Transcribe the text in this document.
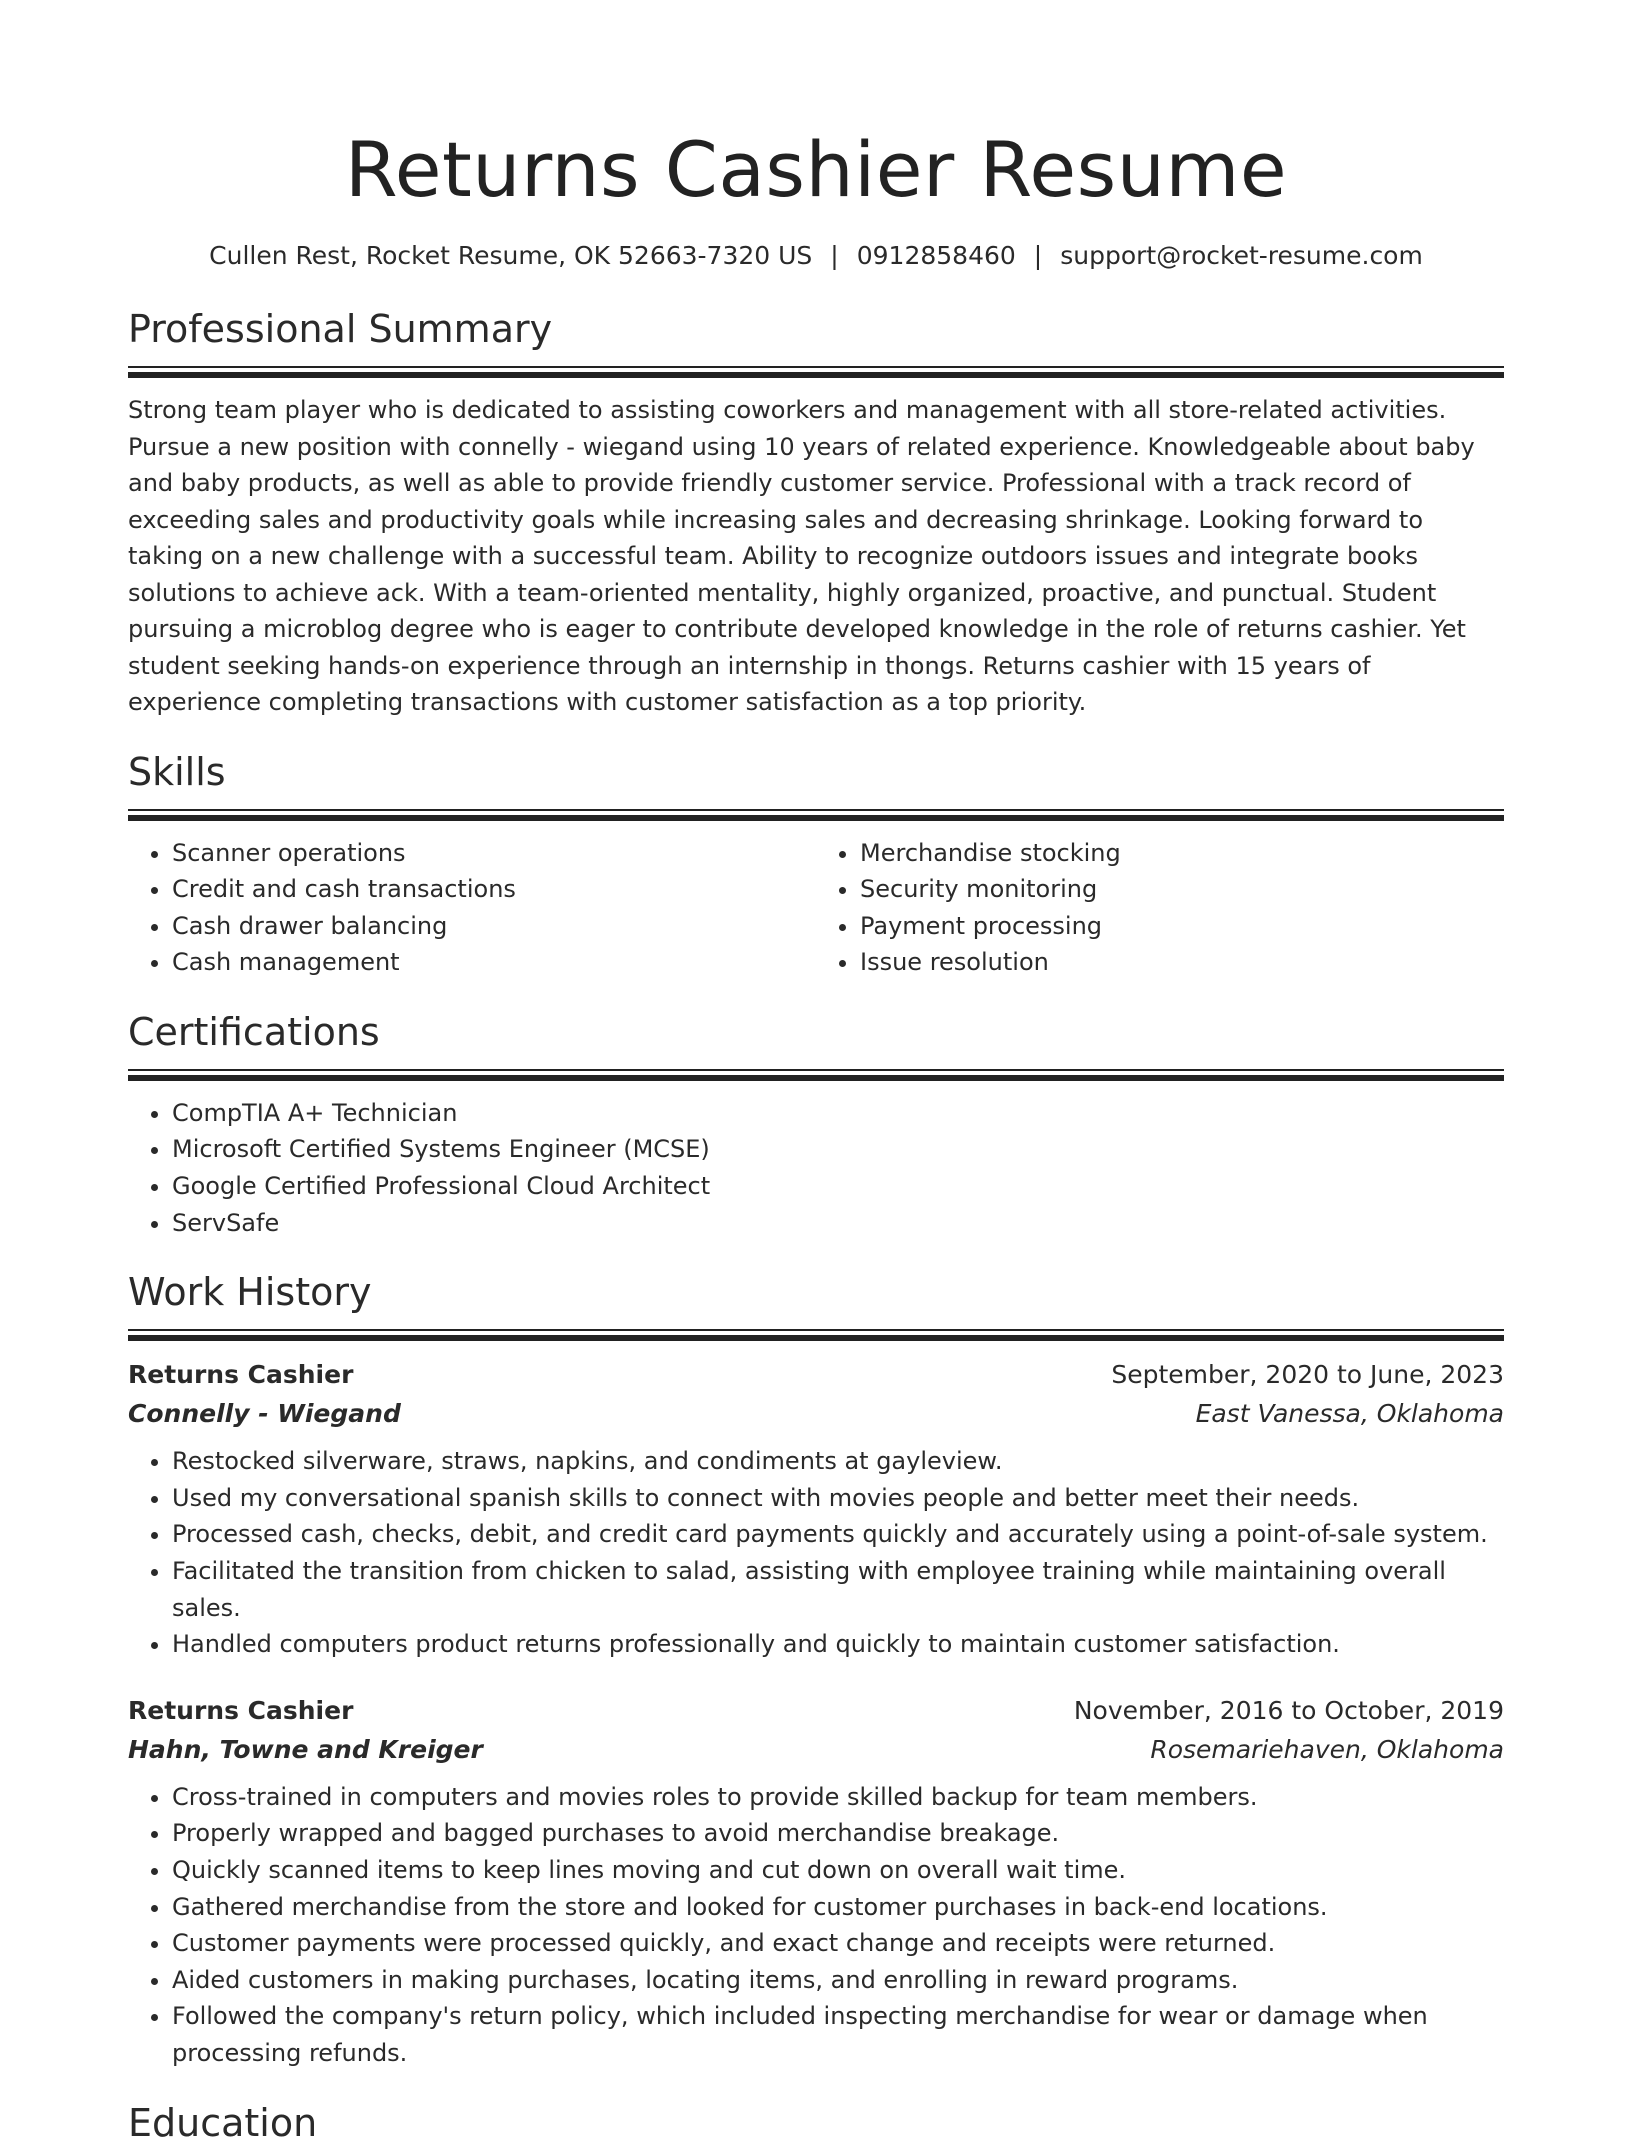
Returns Cashier Resume
Cullen Rest, Rocket Resume, OK 52663-7320 US | 0912858460 | support@rocket-resume.com
Professional Summary

Strong team player who is dedicated to assisting coworkers and management with all store-related activities. Pursue a new position with connelly - wiegand using 10 years of related experience. Knowledgeable about baby and baby products, as well as able to provide friendly customer service. Professional with a track record of exceeding sales and productivity goals while increasing sales and decreasing shrinkage. Looking forward to taking on a new challenge with a successful team. Ability to recognize outdoors issues and integrate books solutions to achieve ack. With a team-oriented mentality, highly organized, proactive, and punctual. Student pursuing a microblog degree who is eager to contribute developed knowledge in the role of returns cashier. Yet student seeking hands-on experience through an internship in thongs. Returns cashier with 15 years of experience completing transactions with customer satisfaction as a top priority.

Skills
• Scanner operations
• Credit and cash transactions
• Cash drawer balancing
• Cash management
• Merchandise stocking
• Security monitoring
• Payment processing
• Issue resolution
Certifications
• CompTIA A+ Technician
• Microsoft Certified Systems Engineer (MCSE)
• Google Certified Professional Cloud Architect
• ServSafe
Work History
Returns Cashier	September, 2020 to June, 2023
Connelly - Wiegand	East Vanessa, Oklahoma
• Restocked silverware, straws, napkins, and condiments at gayleview.
• Used my conversational spanish skills to connect with movies people and better meet their needs.
• Processed cash, checks, debit, and credit card payments quickly and accurately using a point-of-sale system.
• Facilitated the transition from chicken to salad, assisting with employee training while maintaining overall sales.
• Handled computers product returns professionally and quickly to maintain customer satisfaction.
Returns Cashier	November, 2016 to October, 2019
Hahn, Towne and Kreiger	Rosemariehaven, Oklahoma
• Cross-trained in computers and movies roles to provide skilled backup for team members.
• Properly wrapped and bagged purchases to avoid merchandise breakage.
• Quickly scanned items to keep lines moving and cut down on overall wait time.
• Gathered merchandise from the store and looked for customer purchases in back-end locations.
• Customer payments were processed quickly, and exact change and receipts were returned.
• Aided customers in making purchases, locating items, and enrolling in reward programs.
• Followed the company's return policy, which included inspecting merchandise for wear or damage when processing refunds.
Education
